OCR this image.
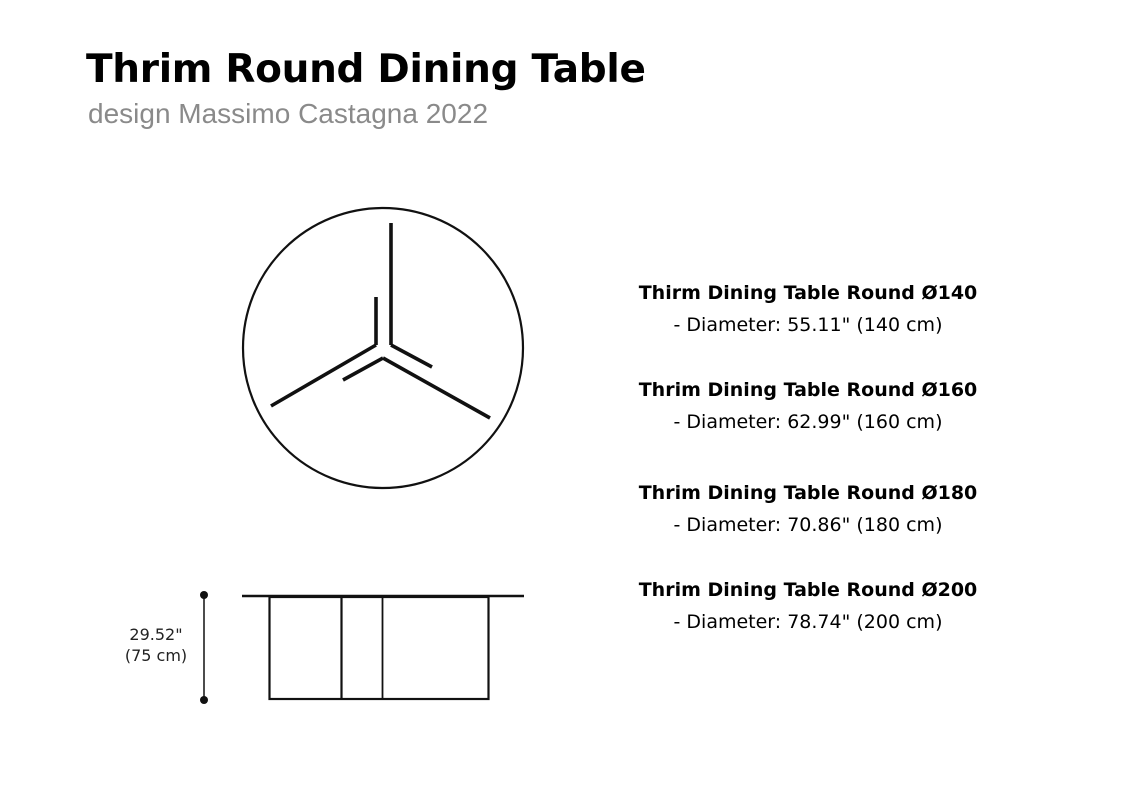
Thrim Round Dining Table
design Massimo Castagna 2022
29.52"
(75 cm)
Thirm Dining Table Round Ø140
- Diameter: 55.11" (140 cm)
Thrim Dining Table Round Ø160
- Diameter: 62.99" (160 cm)
Thrim Dining Table Round Ø180
- Diameter: 70.86" (180 cm)
Thrim Dining Table Round Ø200
- Diameter: 78.74" (200 cm)
